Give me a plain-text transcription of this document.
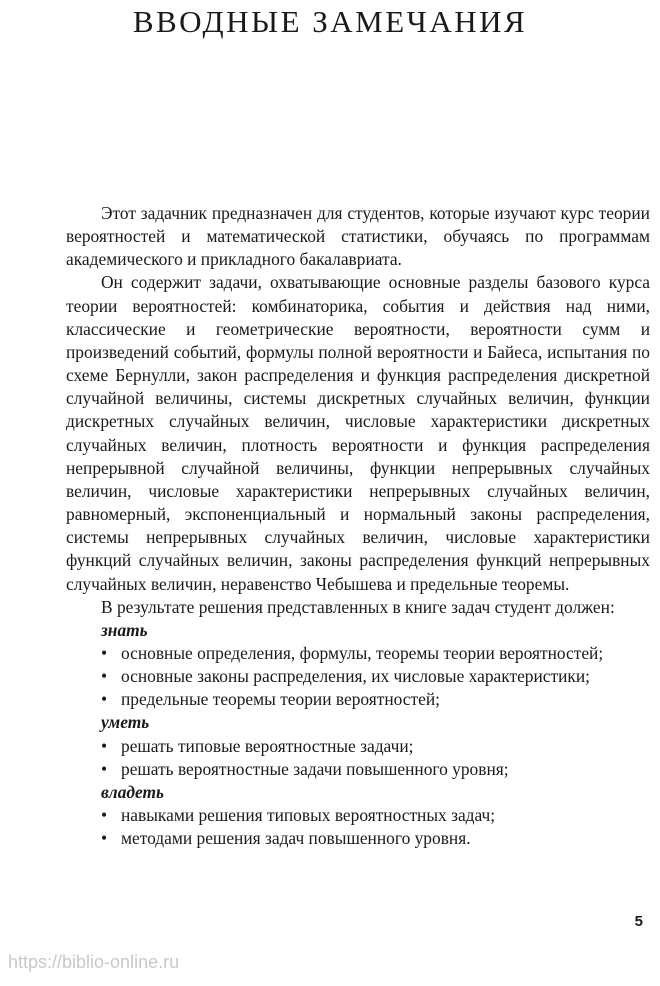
ВВОДНЫЕ ЗАМЕЧАНИЯ

Этот задачник предназначен для студентов, которые изучают курс теории вероятностей и математической статистики, обучаясь по программам академического и прикладного бакалавриата.

Он содержит задачи, охватывающие основные разделы базового курса теории вероятностей: комбинаторика, события и действия над ними, классические и геометрические вероятности, вероятности сумм и произведений событий, формулы полной вероятности и Байеса, испытания по схеме Бернулли, закон распределения и функция распределения дискретной случайной величины, системы дискретных случайных величин, функции дискретных случайных величин, числовые характеристики дискретных случайных величин, плотность вероятности и функция распределения непрерывной случайной величины, функции непрерывных случайных величин, числовые характеристики непрерывных случайных величин, равномерный, экспоненциальный и нормальный законы распределения, системы непрерывных случайных величин, числовые характеристики функций случайных величин, законы распределения функций непрерывных случайных величин, неравенство Чебышева и предельные теоремы.

В результате решения представленных в книге задач студент должен:

знать
• основные определения, формулы, теоремы теории вероятностей;
• основные законы распределения, их числовые характеристики;
• предельные теоремы теории вероятностей;
уметь
• решать типовые вероятностные задачи;
• решать вероятностные задачи повышенного уровня;
владеть
• навыками решения типовых вероятностных задач;
• методами решения задач повышенного уровня.
5
https://biblio-online.ru
